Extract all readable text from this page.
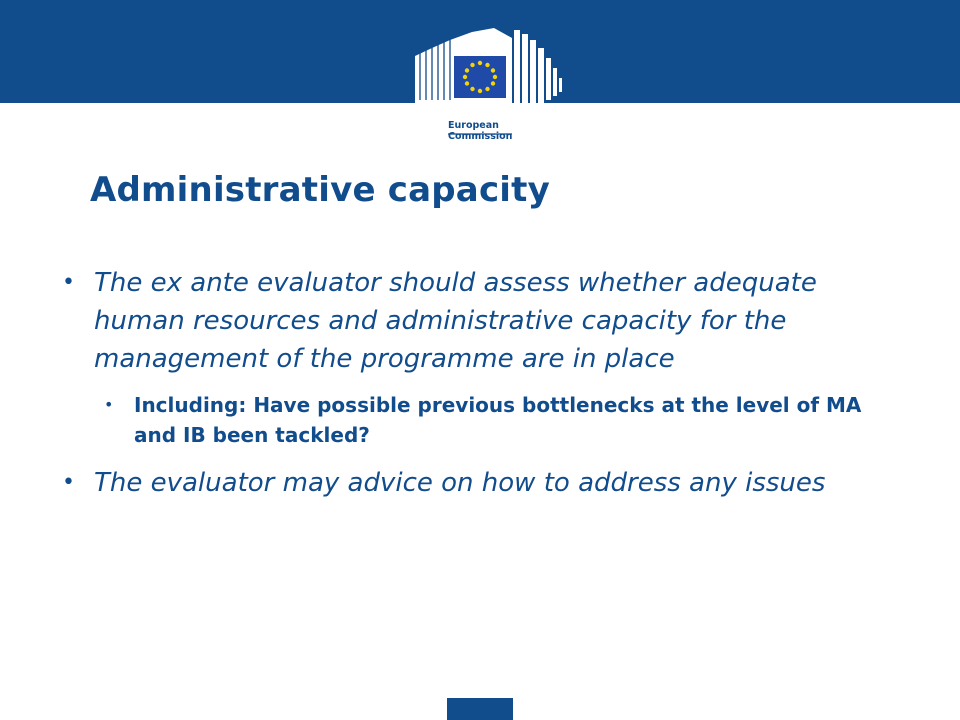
European
Commission
Administrative capacity
• The ex ante evaluator should assess whether adequate human resources and administrative capacity for the management of the programme are in place
• Including: Have possible previous bottlenecks at the level of MA and IB been tackled?
• The evaluator may advice on how to address any issues
